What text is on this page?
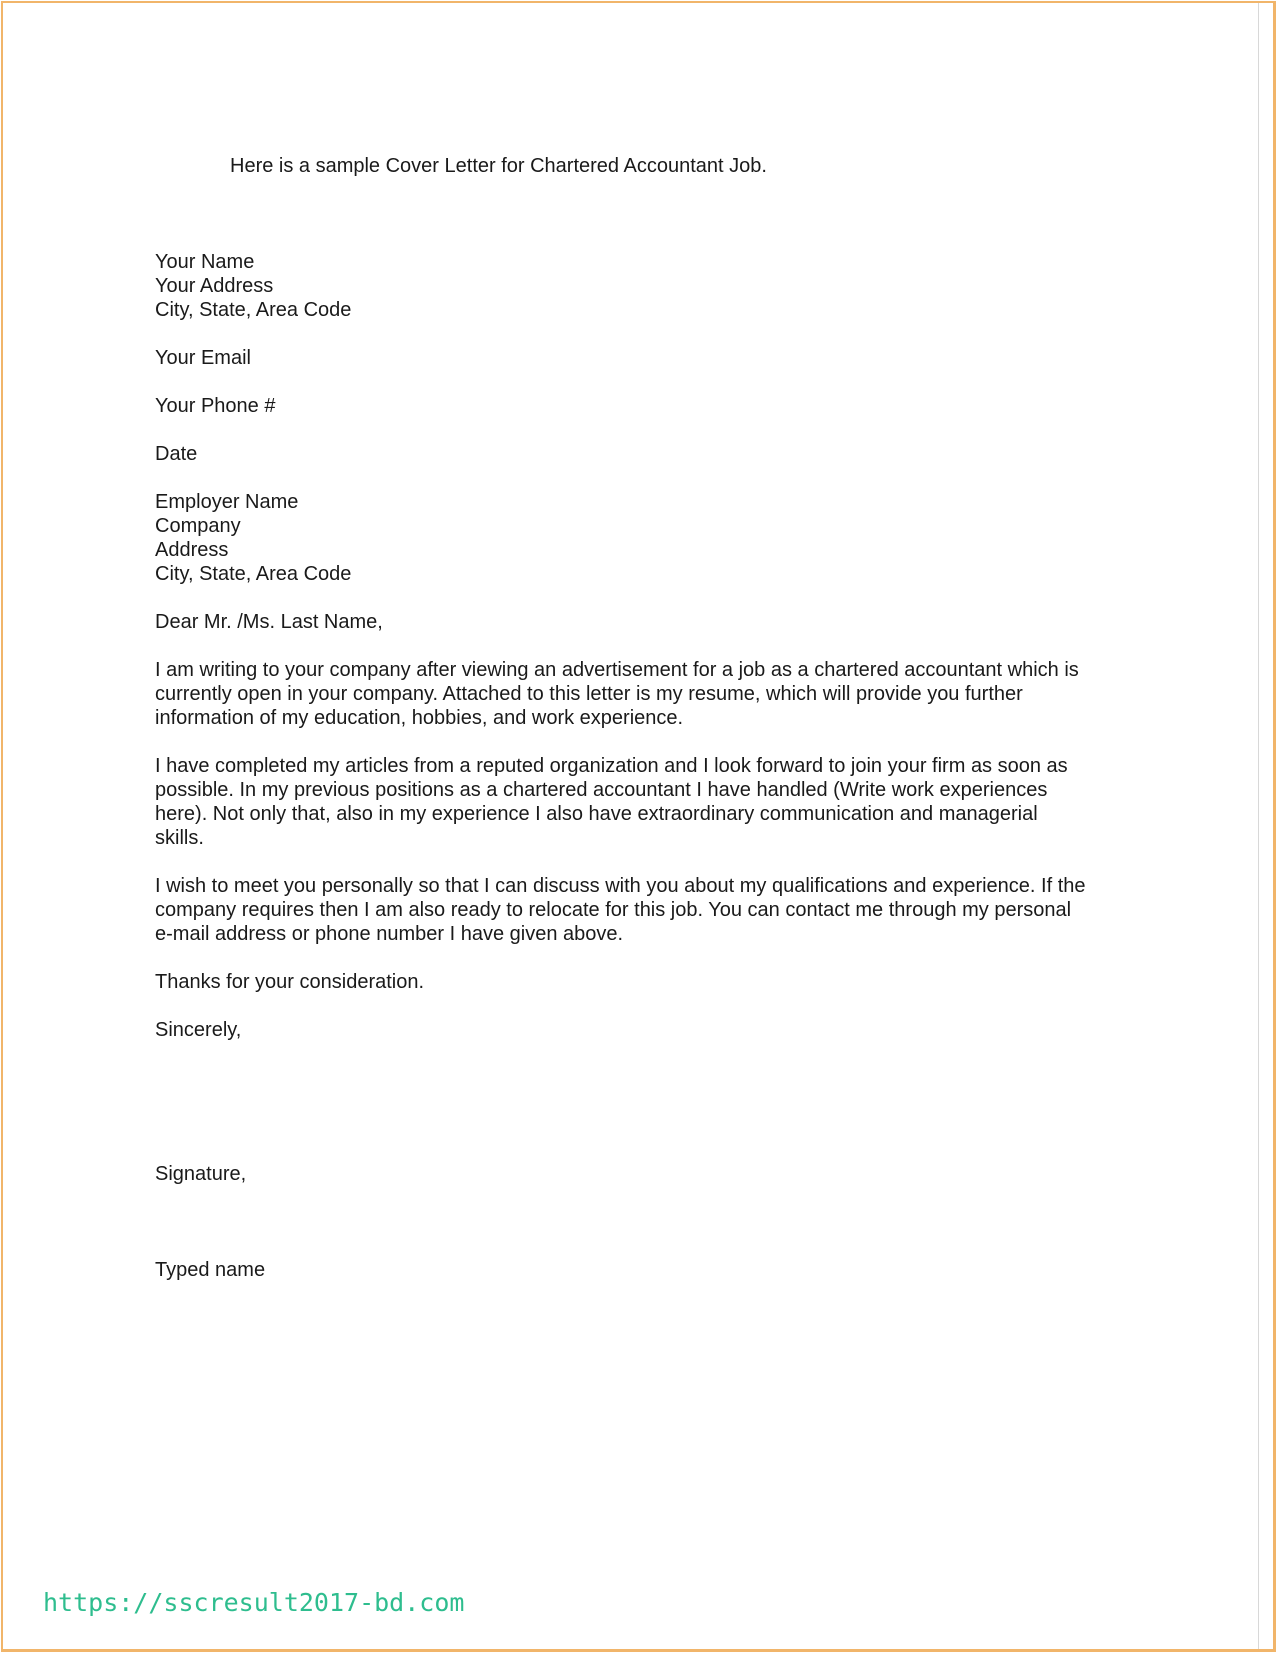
Here is a sample Cover Letter for Chartered Accountant Job.

Your Name
Your Address
City, State, Area Code
Your Email
Your Phone #
Date
Employer Name
Company
Address
City, State, Area Code
Dear Mr. /Ms. Last Name,
I am writing to your company after viewing an advertisement for a job as a chartered accountant which is
currently open in your company. Attached to this letter is my resume, which will provide you further
information of my education, hobbies, and work experience.
I have completed my articles from a reputed organization and I look forward to join your firm as soon as
possible. In my previous positions as a chartered accountant I have handled (Write work experiences
here). Not only that, also in my experience I also have extraordinary communication and managerial
skills.
I wish to meet you personally so that I can discuss with you about my qualifications and experience. If the
company requires then I am also ready to relocate for this job. You can contact me through my personal
e-mail address or phone number I have given above.
Thanks for your consideration.
Sincerely,
Signature,
Typed name
https://sscresult2017-bd.com
